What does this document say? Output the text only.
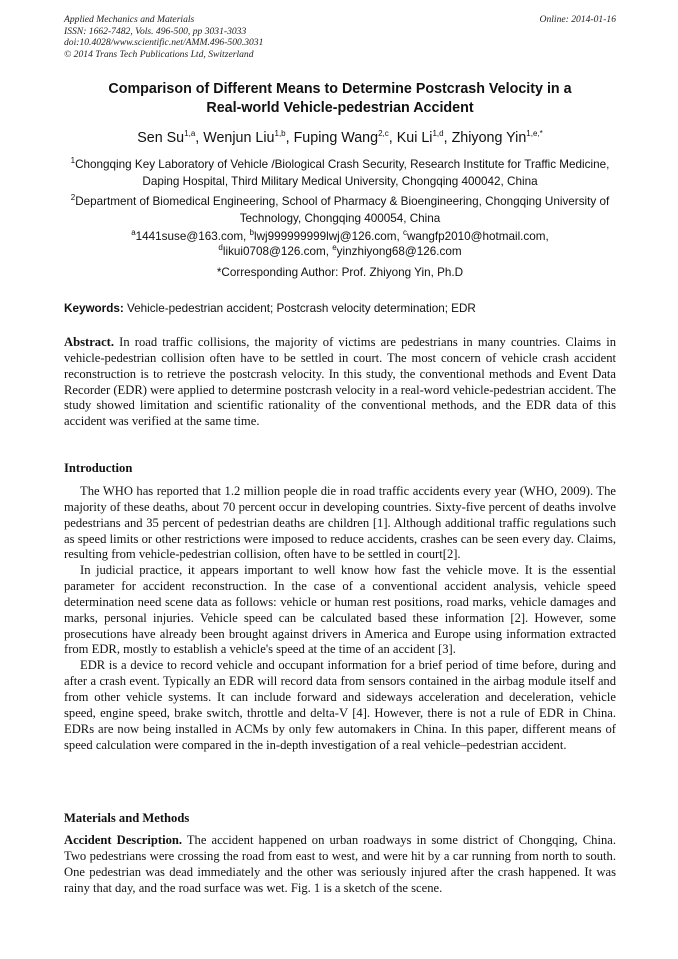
Applied Mechanics and Materials
ISSN: 1662-7482, Vols. 496-500, pp 3031-3033
doi:10.4028/www.scientific.net/AMM.496-500.3031
© 2014 Trans Tech Publications Ltd, Switzerland
Online: 2014-01-16
Comparison of Different Means to Determine Postcrash Velocity in a
Real-world Vehicle-pedestrian Accident
Sen Su$^{1,a}$, Wenjun Liu$^{1,b}$, Fuping Wang$^{2,c}$, Kui Li$^{1,d}$, Zhiyong Yin$^{1,e,*}$
$^1$Chongqing Key Laboratory of Vehicle /Biological Crash Security, Research Institute for Traffic Medicine, Daping Hospital, Third Military Medical University, Chongqing 400042, China
$^2$Department of Biomedical Engineering, School of Pharmacy & Bioengineering, Chongqing University of Technology, Chongqing 400054, China
$^a$1441suse@163.com, $^b$lwj999999999lwj@126.com, $^c$wangfp2010@hotmail.com,
$^d$likui0708@126.com, $^e$yinzhiyong68@126.com
*Corresponding Author: Prof. Zhiyong Yin, Ph.D
Keywords: Vehicle-pedestrian accident; Postcrash velocity determination; EDR
Abstract. In road traffic collisions, the majority of victims are pedestrians in many countries. Claims in vehicle-pedestrian collision often have to be settled in court. The most concern of vehicle crash accident reconstruction is to retrieve the postcrash velocity. In this study, the conventional methods and Event Data Recorder (EDR) were applied to determine postcrash velocity in a real-word vehicle-pedestrian accident. The study showed limitation and scientific rationality of the conventional methods, and the EDR data of this accident was verified at the same time.
Introduction

The WHO has reported that 1.2 million people die in road traffic accidents every year (WHO, 2009). The majority of these deaths, about 70 percent occur in developing countries. Sixty-five percent of deaths involve pedestrians and 35 percent of pedestrian deaths are children [1]. Although additional traffic regulations such as speed limits or other restrictions were imposed to reduce accidents, crashes can be seen every day. Claims, resulting from vehicle-pedestrian collision, often have to be settled in court[2].

In judicial practice, it appears important to well know how fast the vehicle move. It is the essential parameter for accident reconstruction. In the case of a conventional accident analysis, vehicle speed determination need scene data as follows: vehicle or human rest positions, road marks, vehicle damages and marks, personal injuries. Vehicle speed can be calculated based these information [2]. However, some prosecutions have already been brought against drivers in America and Europe using information extracted from EDR, mostly to establish a vehicle's speed at the time of an accident [3].

EDR is a device to record vehicle and occupant information for a brief period of time before, during and after a crash event. Typically an EDR will record data from sensors contained in the airbag module itself and from other vehicle systems. It can include forward and sideways acceleration and deceleration, vehicle speed, engine speed, brake switch, throttle and delta-V [4]. However, there is not a rule of EDR in China. EDRs are now being installed in ACMs by only few automakers in China. In this paper, different means of speed calculation were compared in the in-depth investigation of a real vehicle–pedestrian accident.

Materials and Methods

Accident Description. The accident happened on urban roadways in some district of Chongqing, China. Two pedestrians were crossing the road from east to west, and were hit by a car running from north to south. One pedestrian was dead immediately and the other was seriously injured after the crash happened. It was rainy that day, and the road surface was wet. Fig. 1 is a sketch of the scene.
